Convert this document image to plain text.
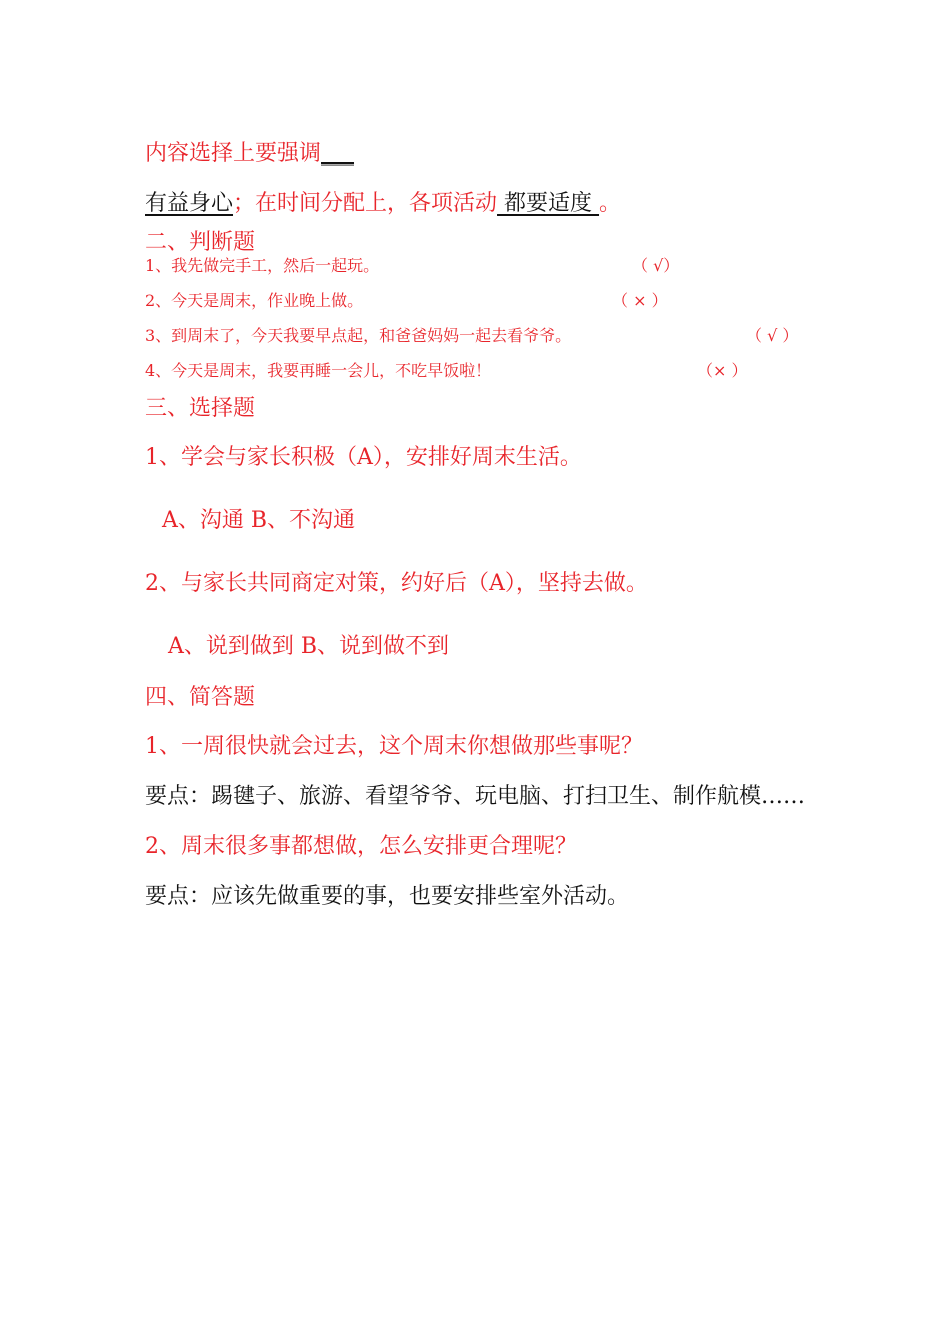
内容选择上要强调___
有益身心；在时间分配上，各项活动 都要适度 。
二、判断题
1、我先做完手工，然后一起玩。	（ √）
2、今天是周末，作业晚上做。	（ × ）
3、到周末了，今天我要早点起，和爸爸妈妈一起去看爷爷。	（ √ ）
4、今天是周末，我要再睡一会儿，不吃早饭啦！	（× ）
三、选择题
1、学会与家长积极（A），安排好周末生活。
A、沟通 B、不沟通
2、与家长共同商定对策，约好后（A），坚持去做。
A、说到做到 B、说到做不到
四、简答题
1、一周很快就会过去，这个周末你想做那些事呢？
要点：踢毽子、旅游、看望爷爷、玩电脑、打扫卫生、制作航模……
2、周末很多事都想做，怎么安排更合理呢？
要点：应该先做重要的事，也要安排些室外活动。
